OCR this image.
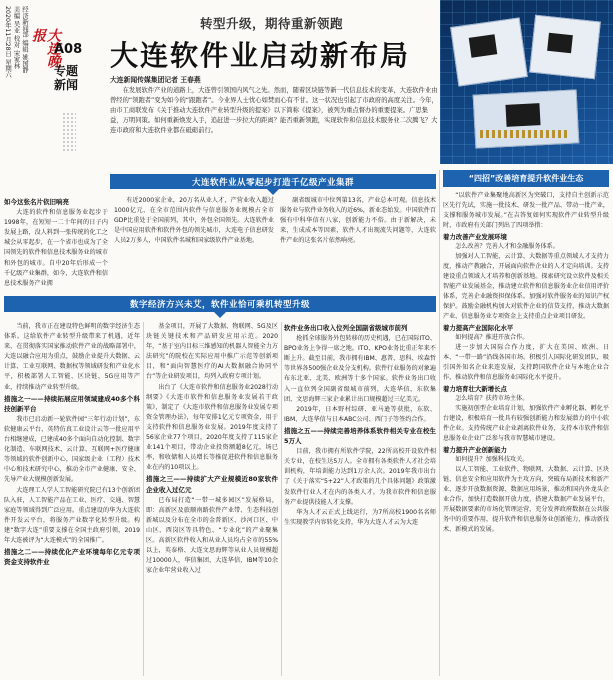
经济新闻部 编辑 姚国静
美编 吴亚 校对 宋家林
2020年11月28日 星期六	大连晚报
A08
专题新闻
转型升级，期待重新领跑
大连软件业启动新布局
大连新闻传媒集团记者 王春燕
在发展软件产业的道路上，大连曾引领国内风气之先。然而，随着区块链等新一代信息技术的变革，大连软件业由曾经的“领跑者”变为如今的“跟跑者”。今业界人士忧心如焚而心有不甘。这一状况也引起了市政府的高度关注。今年，由市工商联发布《关于推动大连软件产业转型升级的提案》以下简称《提案》，被列为重点督办的重要提案。广思集益，万明同策。如何重新焕发入手，追赶进一步拉大的距离？能否重新领跑，实现软件和信息技术服务业二次腾飞？大连市政府和大连软件业都在砥砺前行。
大连软件业从零起步打造千亿级产业集群
如今这张名片依旧响亮

大连的软件和信息服务业起步于1998年，在短短一二十年间的日子内发展上路，没人料到一张传统的化工之城会从零起步，在一个省市也成为了全国领先的软件和信息技术服务业的城市和外包的城市。自中20年后形成一个千亿级产业集群，如今，大连软件和信息技术服务产业拥

有近2000家企业，20万名从业人才，产营业收入超过1000亿元，在全市范围内软件与信息服务业规模占全市GDP比重处于全国前列，其中，外包全国领先。大连软件业是中国应用软件和软件外包的领先城市，大连电子信息研发人员2万多人，中国软件名城和国家级软件产业基地。

副省级城市中位列第13名，产业总本可观。信息技术服务业与软件业务收入的近6%，新业态始发。中国软件百强有中科华信有八家，创新能力不俗。由于新解决，未来，生成成本等因素，软件人才出现流失问题等，大连软件产业的这张名片依然响亮。

数字经济方兴未艾，软件业恰可乘机转型升级

当前，我市正在建设特色鲜明的数字经济生态体系。这给软件产业转型升级带来了机遇，近年来，在贯彻落实国家推动软件产业的战略部署中，大连以融合应用为重点，鼓励企业提升大数据、云计算、工业互联网、数据权等领域研发和产业化水平，积极部署人工智能、区块链、5G应用等产业，持续推动产业转型升级。

措施之一——持续拓展应用领域建成40多个科技创新平台

我市已启动新一轮软件园“三年行动计划”，东软健康云平台、英特仿真工业设计云等一批应用平台相继建成，已建成40多个面向自动化控制、数字化制造、车联网技术、云计算、互联网+医疗健康等领域的软件创新中心，国家级企业（工程）技术中心和技术研究中心，推动全市产业健康、安全、先导产业大规模创新发展。

大连理工人学人工智能研究院已有13个创新团队入驻，人工智能产品在工业、医疗、交通、智慧家庭等领域得到广泛应用。重点建设的华为大连软件开发云平台，将服务产业数字化转型升级。构建“数字大连”重要支撑在全国主政府引领，2019年大连被评为“大连模式”的全国推广。

措施之二——持续优化产业环境每年亿元专项资金支持软件业

基金项目，开展了大数据、物联网、5G及区块链关键技术和产品研发应用示范。2020年，“基于室内目标三维感知的机器人智能全力方法研究”的院校在实际应用中推广示范等创新项目，和“面向智慧医疗的AI大数据融合协同平台”等企业研发项目，均列入政府专项计划。

出台了《大连市软件和信息服务业2028行动纲要》《大连市软件和信息服务业发展若干政策》，制定了《大连市软件和信息服务业发展专项资金管理办法》，每年安排1亿元专项资金，用于支持软件和信息服务业发展。2019年度支持了56家企业77个项目，2020年度支持了115家企业141个项目，带动企业投资额超8亿元，场已率，和收储和人员增长等推促进软件和信息服务业在内的10项以上。

措施之三——持续扩大产业规模近80家软件企业收入过亿元

已布局打造“一带一城多园区”发展格局，即：高新区及旅顺南路软件产业带、生态科技创新城以及分布在全市的金普新区、沙河口区、中山区、西岗区等具特色、“专业化”的产业聚集区。高新区软件收入和从业人员均占全市的55%以上，英泰格、大连文思海辉等从业人员规模超过10000人，华信集团、大连华信，IBM等10余家企业年营业收入过

软件业务出口收入位列全国副省级城市前列

抢抓全球服务外包转移的历史机遇，已在国际ITO、BPO业务上争得一席之地。ITO、KPO业务比重正年来不断上升。截至目前，我市拥有IBM、惠普、思科、埃森哲等世界各500强企业及分支机构。软件行业服务的对象遍布东北亚、北美、欧洲等十多个国家。软件业务出口收入一直位列全国副省级城市前列，大连华信、东软集团、文思海辉三家企业累计出口规模超过三亿美元。

2019年，日本野村综研、亚马逊等获批，东软、IBM、大连华信与日本ABC公司、西门子等签约合作。

措施之五——持续完善培养体系软件相关专业在校生5万人

目前，我市拥有所软件学院，22所高校开设软件相关专业，在校生达5万人。全市拥有各类软件人才社会培训机构，年培训能力达到1万余人次。2019年我市出台了《关于落实“5+22”人才政策的几个具体问题》政策激发软件行业人才在内的各类人才。为我市软件和信息服务产业提供技能人才支撑。

华为人才云正式上线运行，为7所高校1900名名师生实现教学内容转化支持，华为大连人才云为大连

“四招”改善培育提升软件业生态

“以软件产业集聚地高新区为突破口，支持自主创新示范区先行先试，实施一批技术、研发一批产品、带动一批产业，支撑和服务城市发展。”在吉答复如何实现软件产业转型升级时，市政府有关部门列出了四项举措：

着力改善产业发展环境

怎么改善？完善人才和金融服务体系。

加强对人工智能、云计算、大数据等重点领域人才支持力度，推动产教融合，开展面向软件企业的人才定向培训。支持建设重点领域人才培养和创新基地。探索研究设立软件及相关智能产业发展基金，推动建立软件和信息服务业企业信用评价体系，完善企业融资担保体系。加强对软件服务业的知识产权保护。鼓励金融机构加大对软件企业的信贷支持，推动大数据产业、信息服务业专项资金上支持重点企业项目研发。

着力提高产业国际化水平

如何提高？推进开放合作。

进一步加大国际合作力度，扩大在美国、欧洲、日本、“一带一路”沿线各国市场。积极引人国际化研发团队，吸引国外知名企业来连发展，支持跨国软件企业与本地企业合作，推动软件和信息服务业国际化水平提升。

着力培育壮大新增长点

怎么培育？扶持市场主体。

实施初创型企业培育计划，加强软件产业孵化器、孵化平台建设，积极培育一批具有较强创新能力和发展潜力的中小软件企业。支持传统产业企业剥离软件业务，支持本市软件和信息服务业企业广泛参与我市智慧城市建设。

着力提升产业创新能力

如何提升？加强科技攻关。

以人工智能、工业软件、物联网、大数据、云计算、区块链、信息安全和应用软件为主攻方向，突破布局新技术和新产业，逐步开放数据资源、数据应用场景，推动和国内外龙头企业合作，加快打造数据开放力度，搭建大数据产业发展平台，开展数据要素的市场化管理运营，充分发挥政府数据在公共服务中的重要作用，提升软件和信息服务业创新能力，推动新技术、新模式的发展。
